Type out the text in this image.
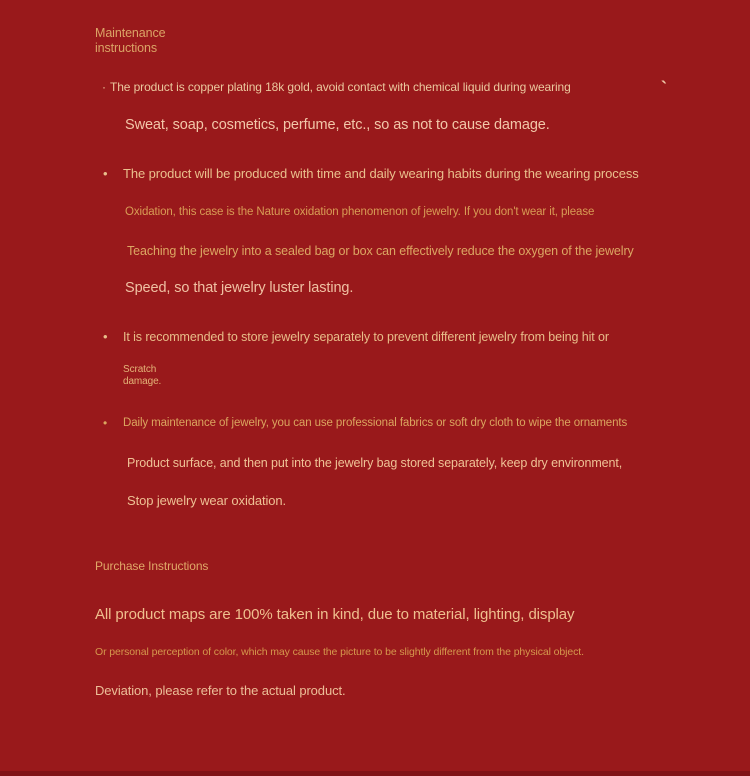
Maintenance
instructions
· The product is copper plating 18k gold, avoid contact with chemical liquid during wearing
Sweat, soap, cosmetics, perfume, etc., so as not to cause damage.
`
• The product will be produced with time and daily wearing habits during the wearing process
Oxidation, this case is the Nature oxidation phenomenon of jewelry. If you don't wear it, please
Teaching the jewelry into a sealed bag or box can effectively reduce the oxygen of the jewelry
Speed, so that jewelry luster lasting.
• It is recommended to store jewelry separately to prevent different jewelry from being hit or
Scratch
damage.
• Daily maintenance of jewelry, you can use professional fabrics or soft dry cloth to wipe the ornaments
Product surface, and then put into the jewelry bag stored separately, keep dry environment,
Stop jewelry wear oxidation.
Purchase Instructions
All product maps are 100% taken in kind, due to material, lighting, display
Or personal perception of color, which may cause the picture to be slightly different from the physical object.
Deviation, please refer to the actual product.
